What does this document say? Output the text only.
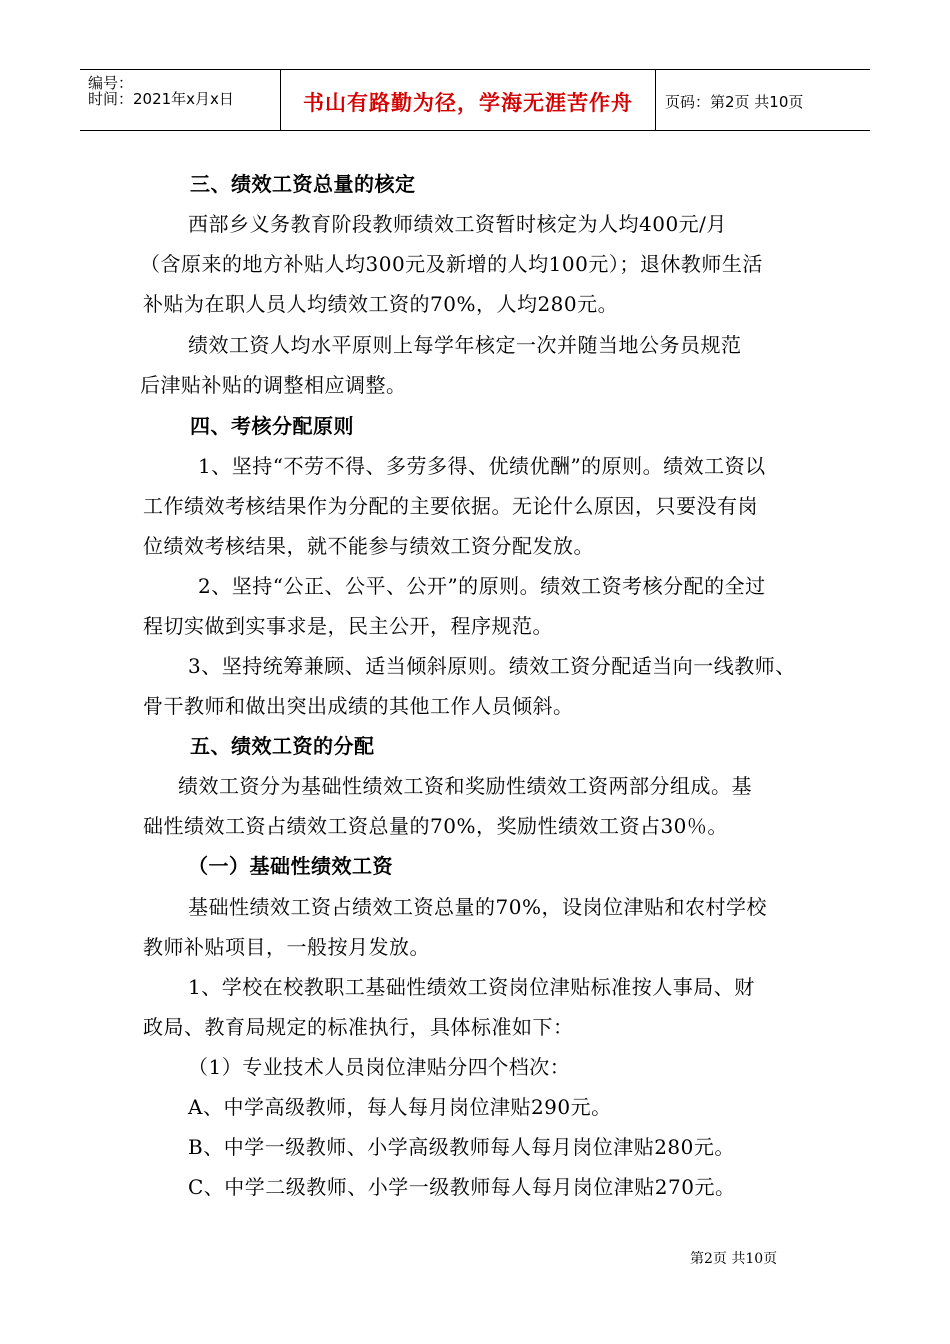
编号：
时间：2021年x月x日	书山有路勤为径，学海无涯苦作舟	页码：第2页 共10页
三、绩效工资总量的核定
西部乡义务教育阶段教师绩效工资暂时核定为人均400元/月
（含原来的地方补贴人均300元及新增的人均100元）；退休教师生活
补贴为在职人员人均绩效工资的70%，人均280元。
绩效工资人均水平原则上每学年核定一次并随当地公务员规范
后津贴补贴的调整相应调整。
四、考核分配原则
1、坚持“不劳不得、多劳多得、优绩优酬”的原则。绩效工资以
工作绩效考核结果作为分配的主要依据。无论什么原因，只要没有岗
位绩效考核结果，就不能参与绩效工资分配发放。
2、坚持“公正、公平、公开”的原则。绩效工资考核分配的全过
程切实做到实事求是，民主公开，程序规范。
3、坚持统筹兼顾、适当倾斜原则。绩效工资分配适当向一线教师、
骨干教师和做出突出成绩的其他工作人员倾斜。
五、绩效工资的分配
绩效工资分为基础性绩效工资和奖励性绩效工资两部分组成。基
础性绩效工资占绩效工资总量的70%，奖励性绩效工资占30％。
（一）基础性绩效工资
基础性绩效工资占绩效工资总量的70%，设岗位津贴和农村学校
教师补贴项目，一般按月发放。
1、学校在校教职工基础性绩效工资岗位津贴标准按人事局、财
政局、教育局规定的标准执行，具体标准如下：
（1）专业技术人员岗位津贴分四个档次：
A、中学高级教师，每人每月岗位津贴290元。
B、中学一级教师、小学高级教师每人每月岗位津贴280元。
C、中学二级教师、小学一级教师每人每月岗位津贴270元。
第2页 共10页
